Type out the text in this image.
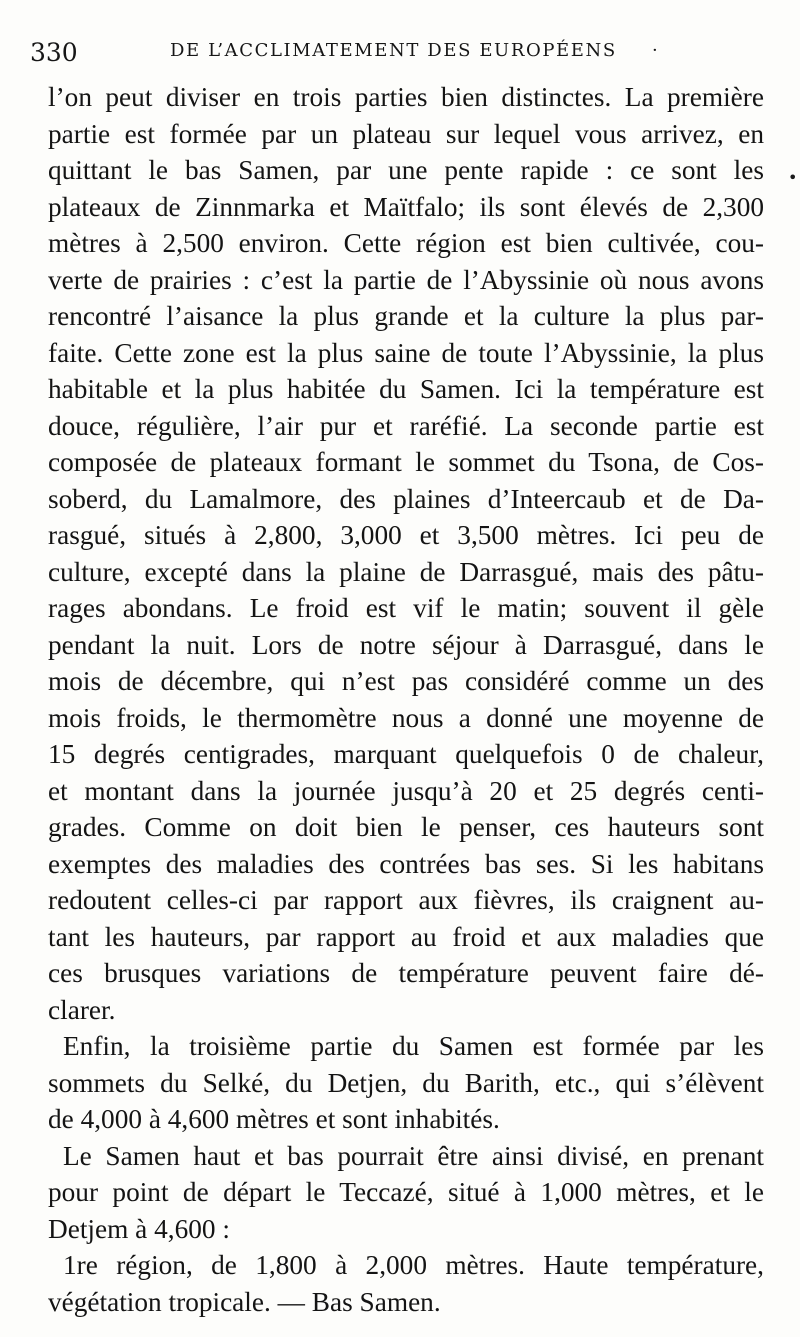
330	DE L’ACCLIMATEMENT DES EUROPÉENS ·
•
l’on peut diviser en trois parties bien distinctes. La première
partie est formée par un plateau sur lequel vous arrivez, en
quittant le bas Samen, par une pente rapide : ce sont les
plateaux de Zinnmarka et Maïtfalo; ils sont élevés de 2,300
mètres à 2,500 environ. Cette région est bien cultivée, cou-
verte de prairies : c’est la partie de l’Abyssinie où nous avons
rencontré l’aisance la plus grande et la culture la plus par-
faite. Cette zone est la plus saine de toute l’Abyssinie, la plus
habitable et la plus habitée du Samen. Ici la température est
douce, régulière, l’air pur et raréfié. La seconde partie est
composée de plateaux formant le sommet du Tsona, de Cos-
soberd, du Lamalmore, des plaines d’Inteercaub et de Da-
rasgué, situés à 2,800, 3,000 et 3,500 mètres. Ici peu de
culture, excepté dans la plaine de Darrasgué, mais des pâtu-
rages abondans. Le froid est vif le matin; souvent il gèle
pendant la nuit. Lors de notre séjour à Darrasgué, dans le
mois de décembre, qui n’est pas considéré comme un des
mois froids, le thermomètre nous a donné une moyenne de
15 degrés centigrades, marquant quelquefois 0 de chaleur,
et montant dans la journée jusqu’à 20 et 25 degrés centi-
grades. Comme on doit bien le penser, ces hauteurs sont
exemptes des maladies des contrées bas ses. Si les habitans
redoutent celles-ci par rapport aux fièvres, ils craignent au-
tant les hauteurs, par rapport au froid et aux maladies que
ces brusques variations de température peuvent faire dé-
clarer.
Enfin, la troisième partie du Samen est formée par les
sommets du Selké, du Detjen, du Barith, etc., qui s’élèvent
de 4,000 à 4,600 mètres et sont inhabités.
Le Samen haut et bas pourrait être ainsi divisé, en prenant
pour point de départ le Teccazé, situé à 1,000 mètres, et le
Detjem à 4,600 :
1re région, de 1,800 à 2,000 mètres. Haute température,
végétation tropicale. — Bas Samen.
